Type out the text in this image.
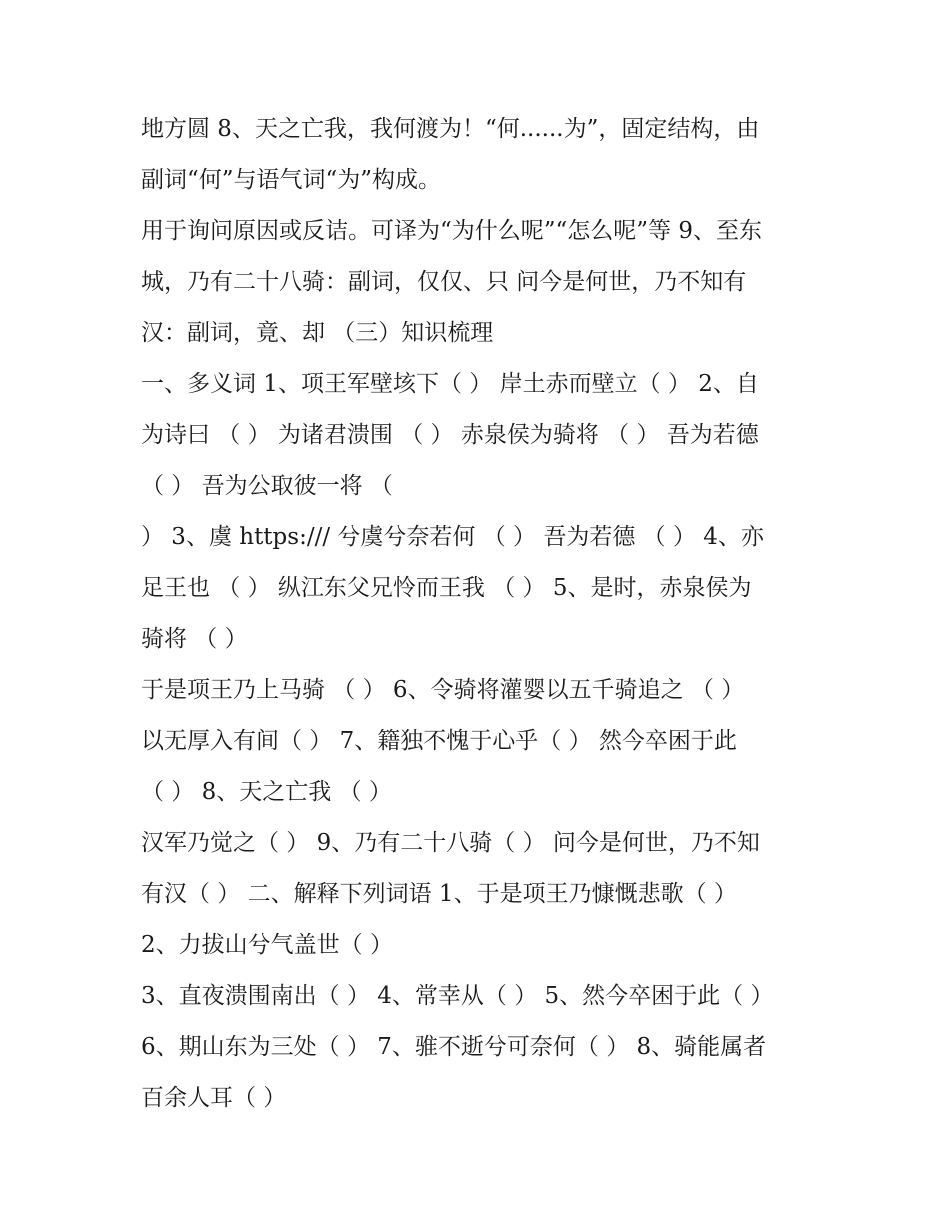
地方圆 8、天之亡我，我何渡为！“何......为”，固定结构，由
副词“何”与语气词“为”构成。
用于询问原因或反诘。可译为“为什么呢”“怎么呢”等 9、至东
城，乃有二十八骑：副词，仅仅、只 问今是何世，乃不知有
汉：副词，竟、却 （三）知识梳理
一、多义词 1、项王军壁垓下（ ） 岸土赤而壁立（ ） 2、自
为诗曰 （ ） 为诸君溃围 （ ） 赤泉侯为骑将 （ ） 吾为若德
（ ） 吾为公取彼一将 （
） 3、虞 https:/// 兮虞兮奈若何 （ ） 吾为若德 （ ） 4、亦
足王也 （ ） 纵江东父兄怜而王我 （ ） 5、是时，赤泉侯为
骑将 （ ）
于是项王乃上马骑 （ ） 6、令骑将灌婴以五千骑追之 （ ）
以无厚入有间（ ） 7、籍独不愧于心乎（ ） 然今卒困于此
（ ） 8、天之亡我 （ ）
汉军乃觉之（ ） 9、乃有二十八骑（ ） 问今是何世，乃不知
有汉（ ） 二、解释下列词语 1、于是项王乃慷慨悲歌（ ）
2、力拔山兮气盖世（ ）
3、直夜溃围南出（ ） 4、常幸从（ ） 5、然今卒困于此（ ）
6、期山东为三处（ ） 7、骓不逝兮可奈何（ ） 8、骑能属者
百余人耳（ ）
